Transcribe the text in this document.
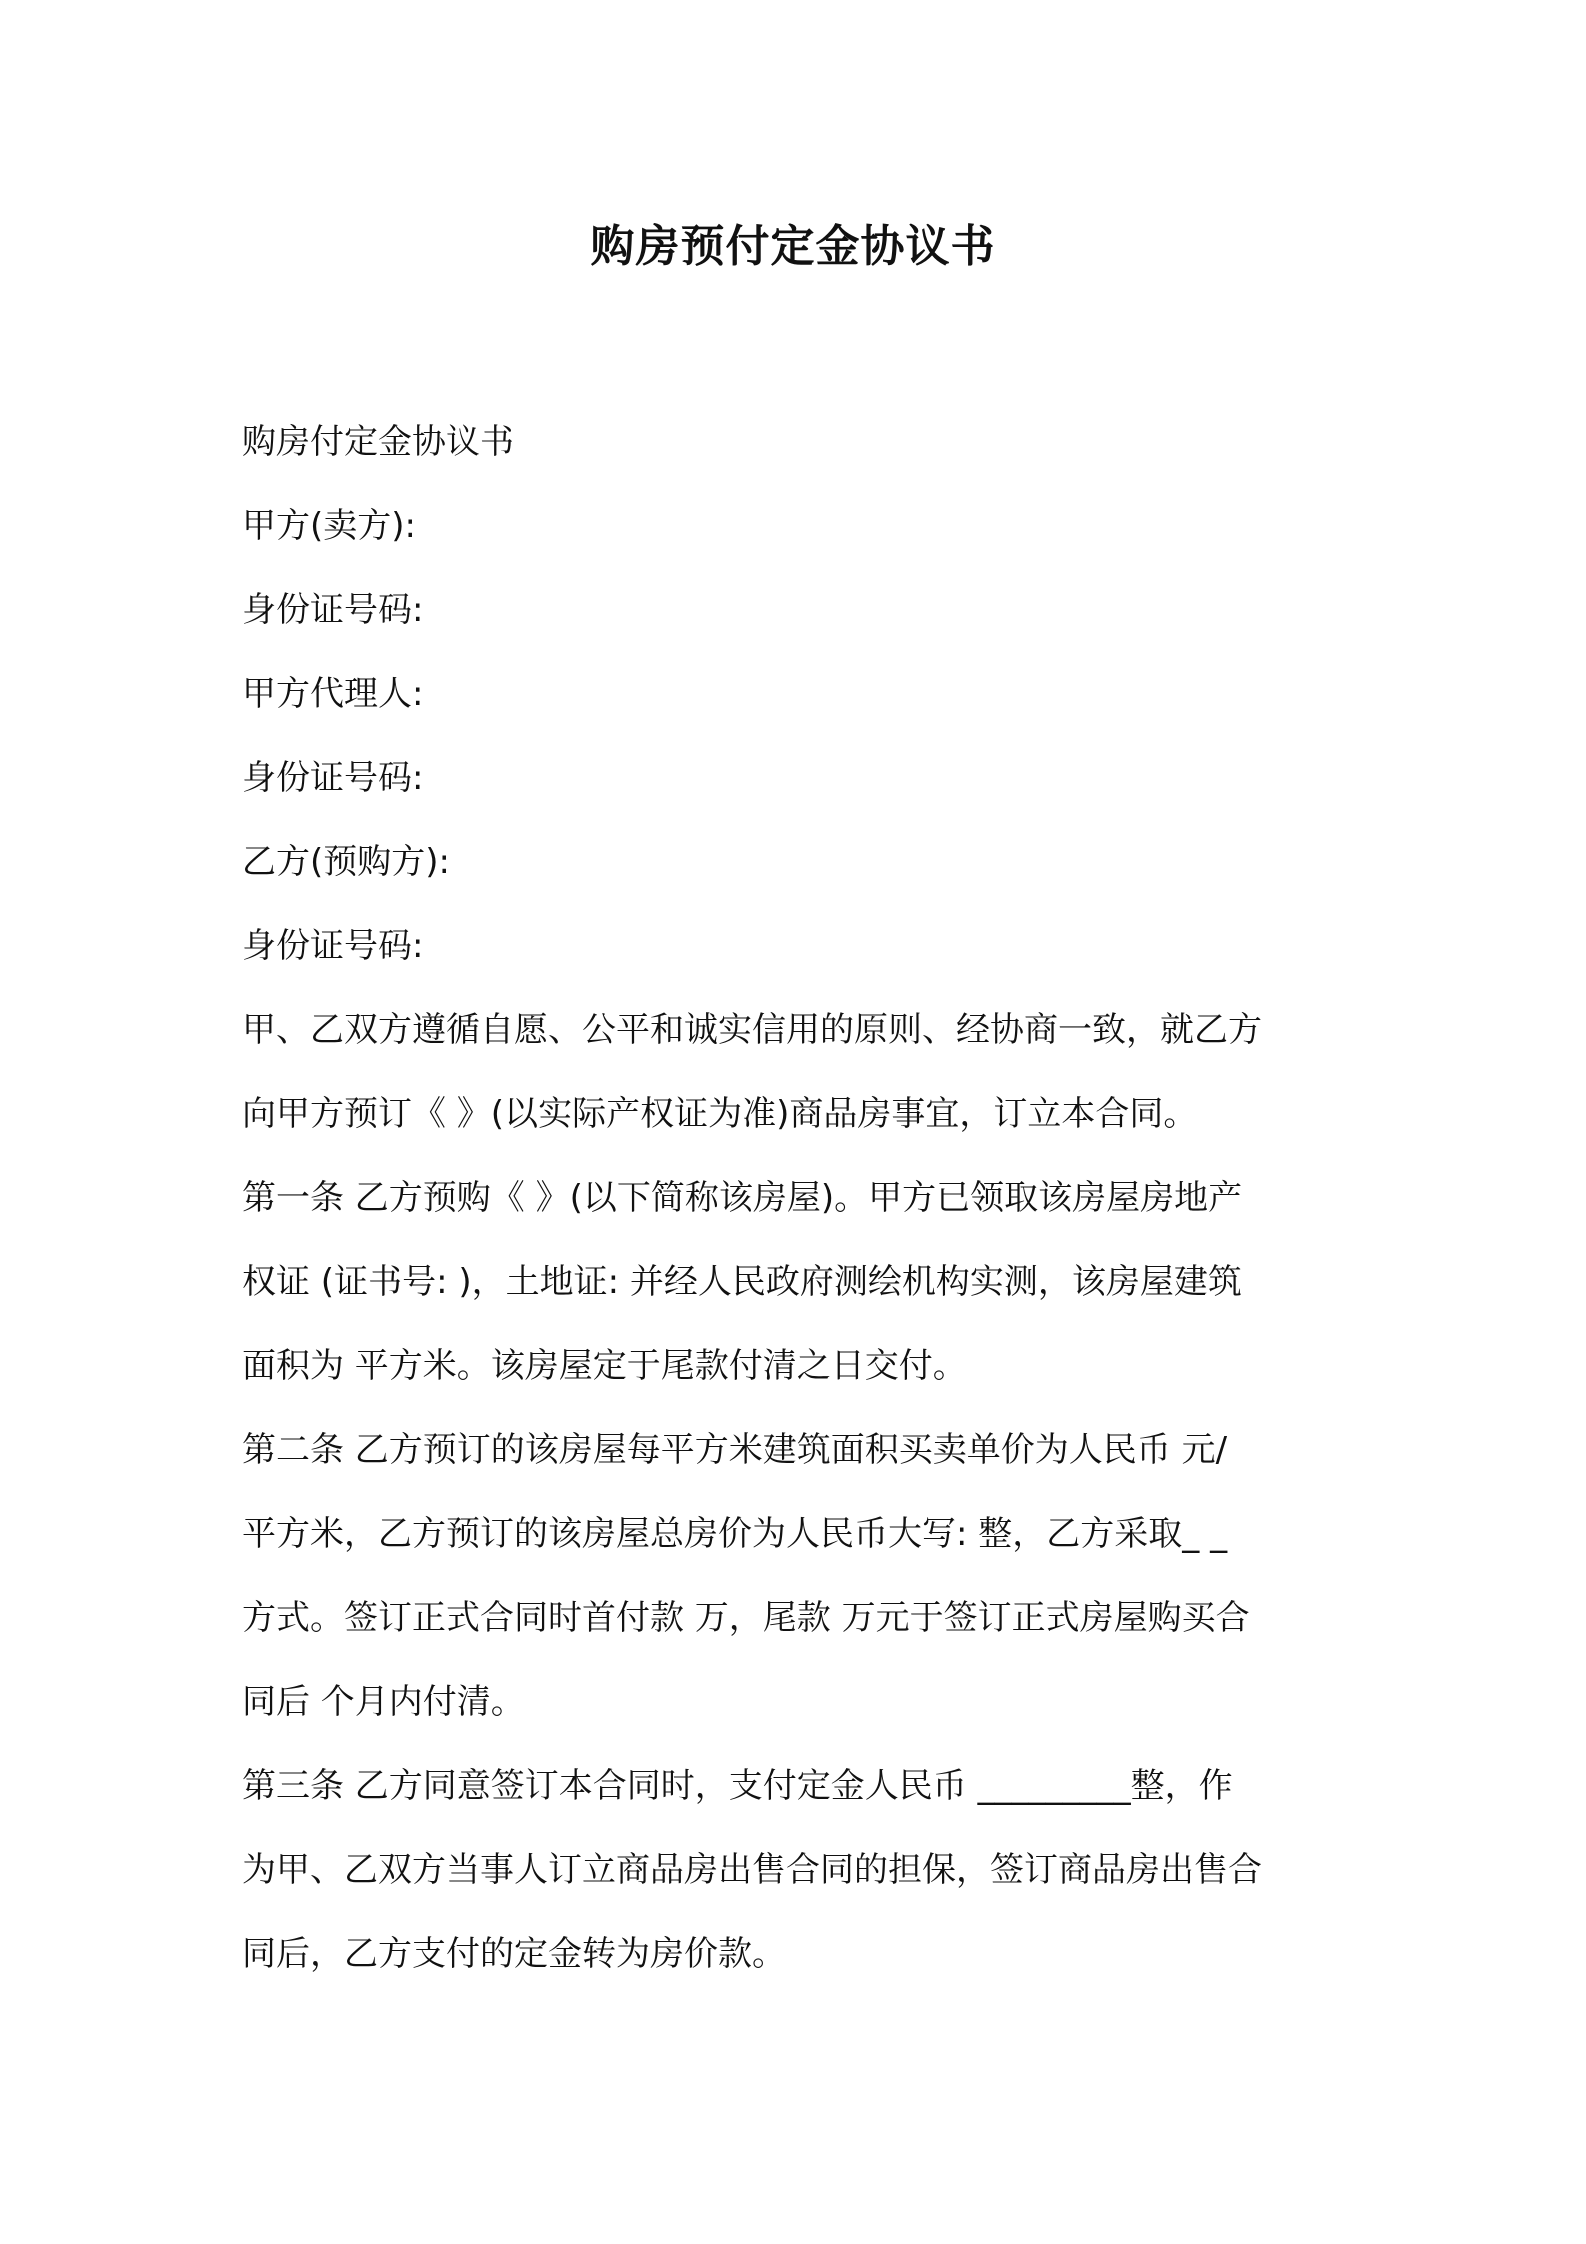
购房预付定金协议书
购房付定金协议书
甲方(卖方):
身份证号码:
甲方代理人:
身份证号码:
乙方(预购方):
身份证号码:
甲、乙双方遵循自愿、公平和诚实信用的原则、经协商一致，就乙方
向甲方预订《 》(以实际产权证为准)商品房事宜，订立本合同。
第一条 乙方预购《 》(以下简称该房屋)。甲方已领取该房屋房地产
权证 (证书号: )，土地证: 并经人民政府测绘机构实测，该房屋建筑
面积为 平方米。该房屋定于尾款付清之日交付。
第二条 乙方预订的该房屋每平方米建筑面积买卖单价为人民币 元/
平方米，乙方预订的该房屋总房价为人民币大写: 整，乙方采取_ _
方式。签订正式合同时首付款 万，尾款 万元于签订正式房屋购买合
同后 个月内付清。
第三条 乙方同意签订本合同时，支付定金人民币 _________整，作
为甲、乙双方当事人订立商品房出售合同的担保，签订商品房出售合
同后，乙方支付的定金转为房价款。
